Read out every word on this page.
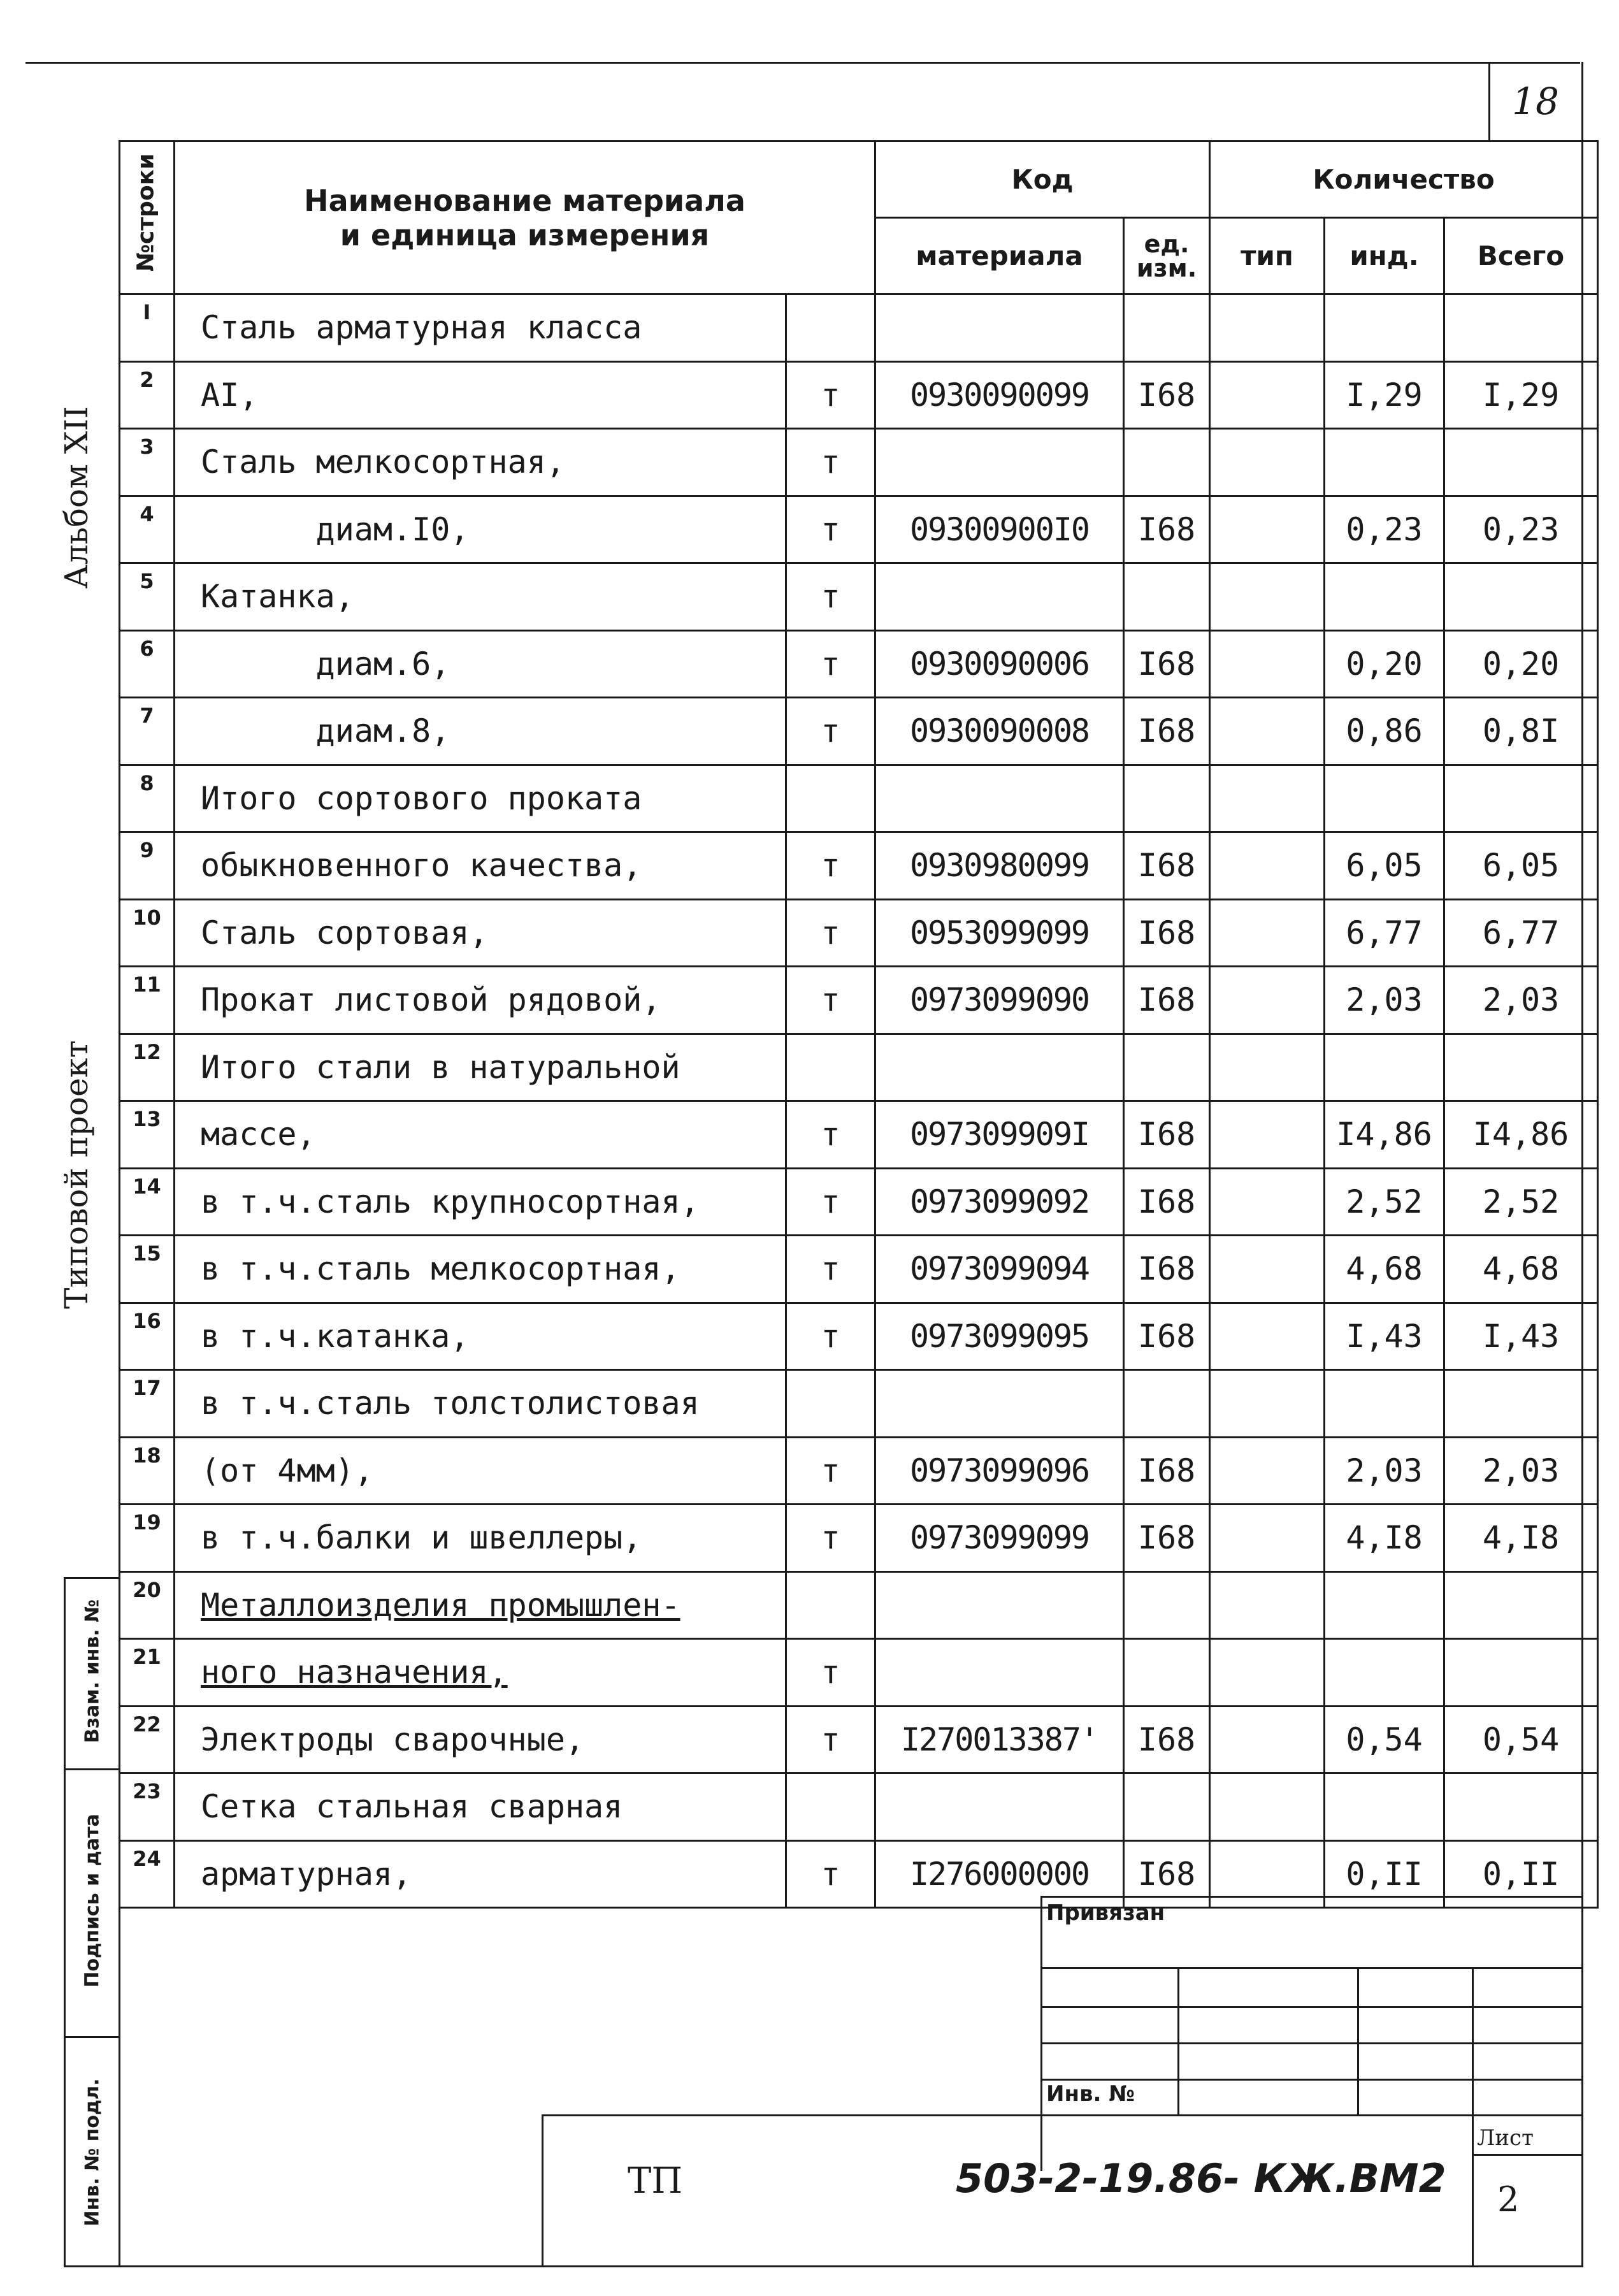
18
Альбом XII
Типовой проект
Взам. инв. №
Подпись и дата
Инв. № подл.
№строки	Наименование материала
и единица измерения		Код		Количество		
			материала	ед. изм.	тип	инд.	Всего
I	Сталь арматурная класса						
2	AI,	т	0930090099	I68		I,29	I,29
3	Сталь мелкосортная,	т					
4	диам.I0,	т	09300900I0	I68		0,23	0,23
5	Катанка,	т					
6	диам.6,	т	0930090006	I68		0,20	0,20
7	диам.8,	т	0930090008	I68		0,86	0,8I
8	Итого сортового проката						
9	обыкновенного качества,	т	0930980099	I68		6,05	6,05
10	Сталь сортовая,	т	0953099099	I68		6,77	6,77
11	Прокат листовой рядовой,	т	0973099090	I68		2,03	2,03
12	Итого стали в натуральной						
13	массе,	т	097309909I	I68		I4,86	I4,86
14	в т.ч.сталь крупносортная,	т	0973099092	I68		2,52	2,52
15	в т.ч.сталь мелкосортная,	т	0973099094	I68		4,68	4,68
16	в т.ч.катанка,	т	0973099095	I68		I,43	I,43
17	в т.ч.сталь толстолистовая						
18	(от 4мм),	т	0973099096	I68		2,03	2,03
19	в т.ч.балки и швеллеры,	т	0973099099	I68		4,I8	4,I8
20	Металлоизделия промышлен-						
21	ного назначения,	т					
22	Электроды сварочные,	т	I270013387'	I68		0,54	0,54
23	Сетка стальная сварная						
24	арматурная,	т	I276000000	I68		0,II	0,II
Привязан
Инв. №
ТП	503-2-19.86- КЖ.ВМ2
Лист
2
